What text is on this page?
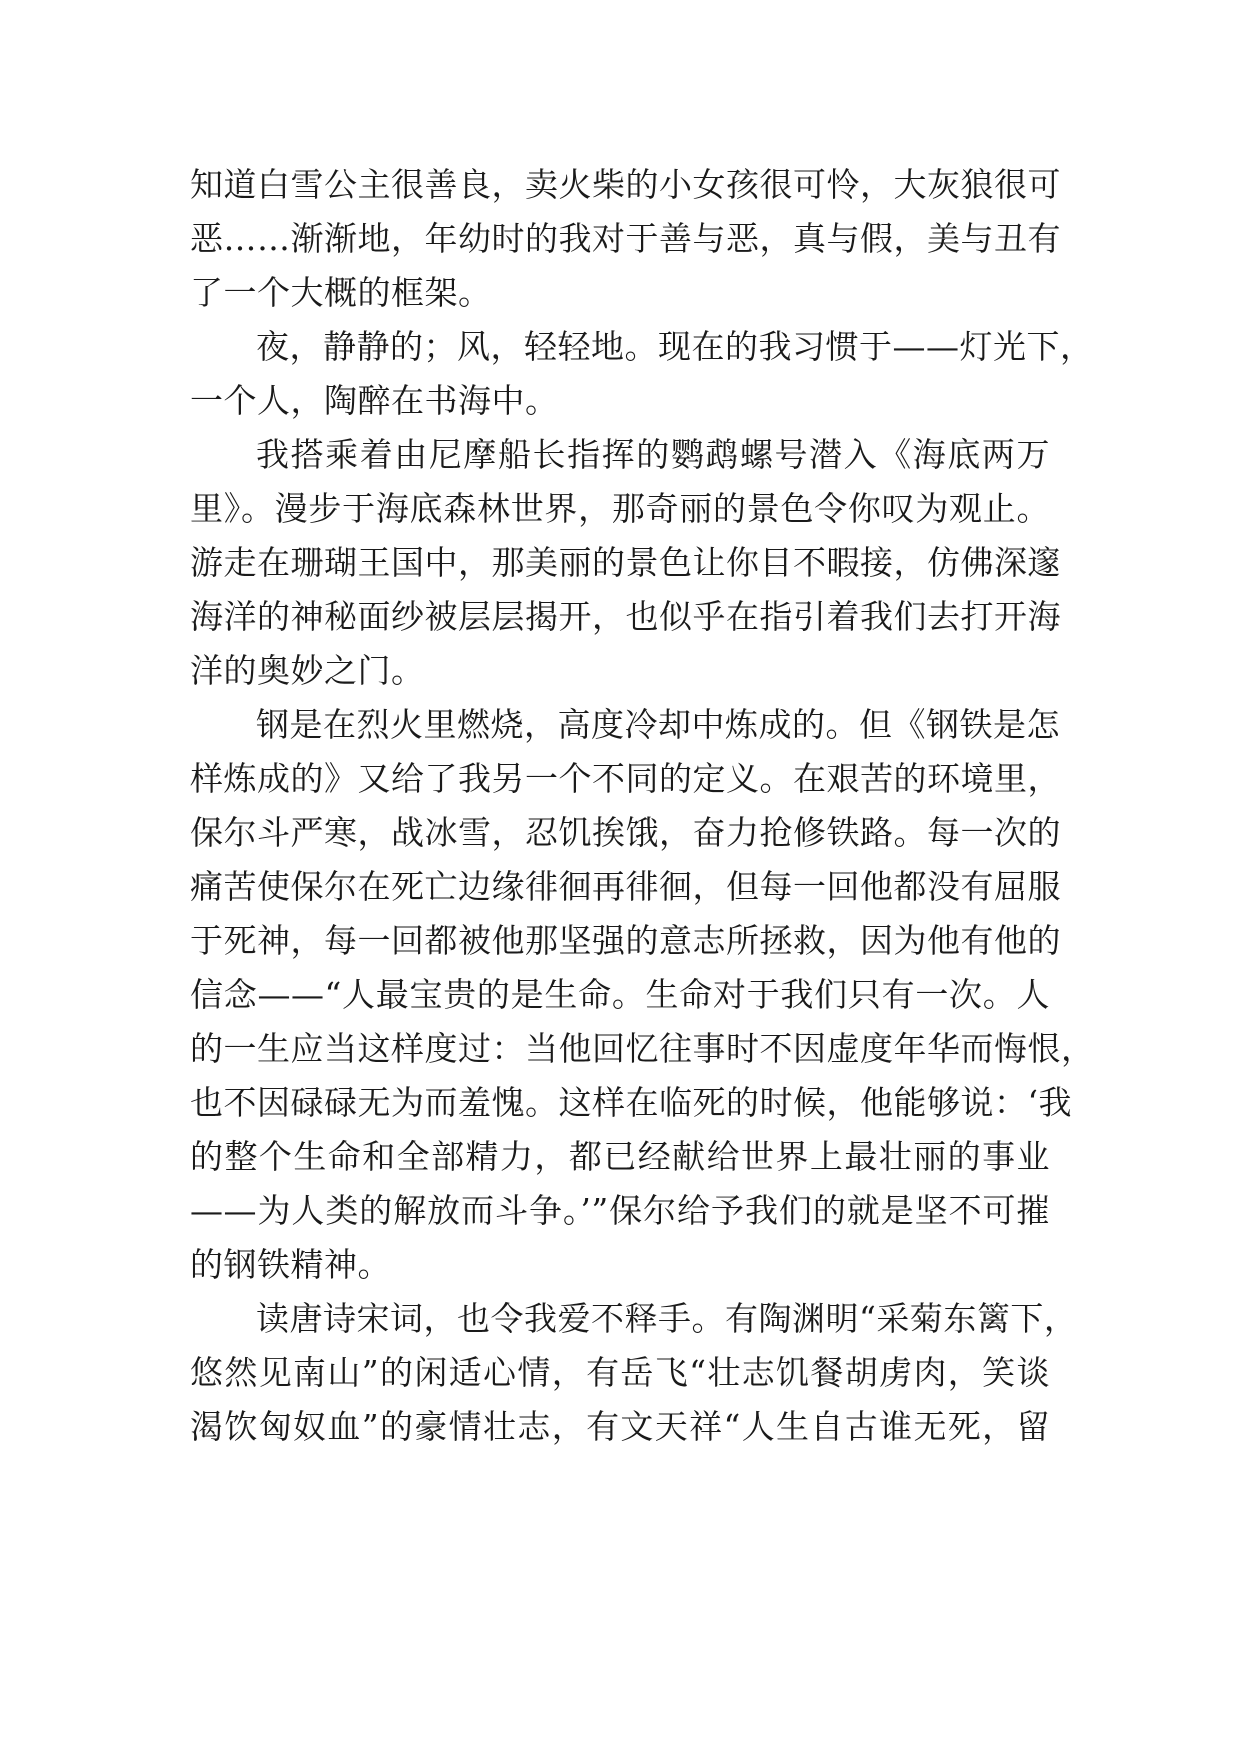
知道白雪公主很善良，卖火柴的小女孩很可怜，大灰狼很可
恶……渐渐地，年幼时的我对于善与恶，真与假，美与丑有
了一个大概的框架。
夜，静静的；风，轻轻地。现在的我习惯于——灯光下，
一个人，陶醉在书海中。
我搭乘着由尼摩船长指挥的鹦鹉螺号潜入《海底两万
里》。漫步于海底森林世界，那奇丽的景色令你叹为观止。
游走在珊瑚王国中，那美丽的景色让你目不暇接，仿佛深邃
海洋的神秘面纱被层层揭开，也似乎在指引着我们去打开海
洋的奥妙之门。
钢是在烈火里燃烧，高度冷却中炼成的。但《钢铁是怎
样炼成的》又给了我另一个不同的定义。在艰苦的环境里，
保尔斗严寒，战冰雪，忍饥挨饿，奋力抢修铁路。每一次的
痛苦使保尔在死亡边缘徘徊再徘徊，但每一回他都没有屈服
于死神，每一回都被他那坚强的意志所拯救，因为他有他的
信念——“人最宝贵的是生命。生命对于我们只有一次。人
的一生应当这样度过：当他回忆往事时不因虚度年华而悔恨，
也不因碌碌无为而羞愧。这样在临死的时候，他能够说：‘我
的整个生命和全部精力，都已经献给世界上最壮丽的事业
——为人类的解放而斗争。’”保尔给予我们的就是坚不可摧
的钢铁精神。
读唐诗宋词，也令我爱不释手。有陶渊明“采菊东篱下，
悠然见南山”的闲适心情，有岳飞“壮志饥餐胡虏肉，笑谈
渴饮匈奴血”的豪情壮志，有文天祥“人生自古谁无死，留
